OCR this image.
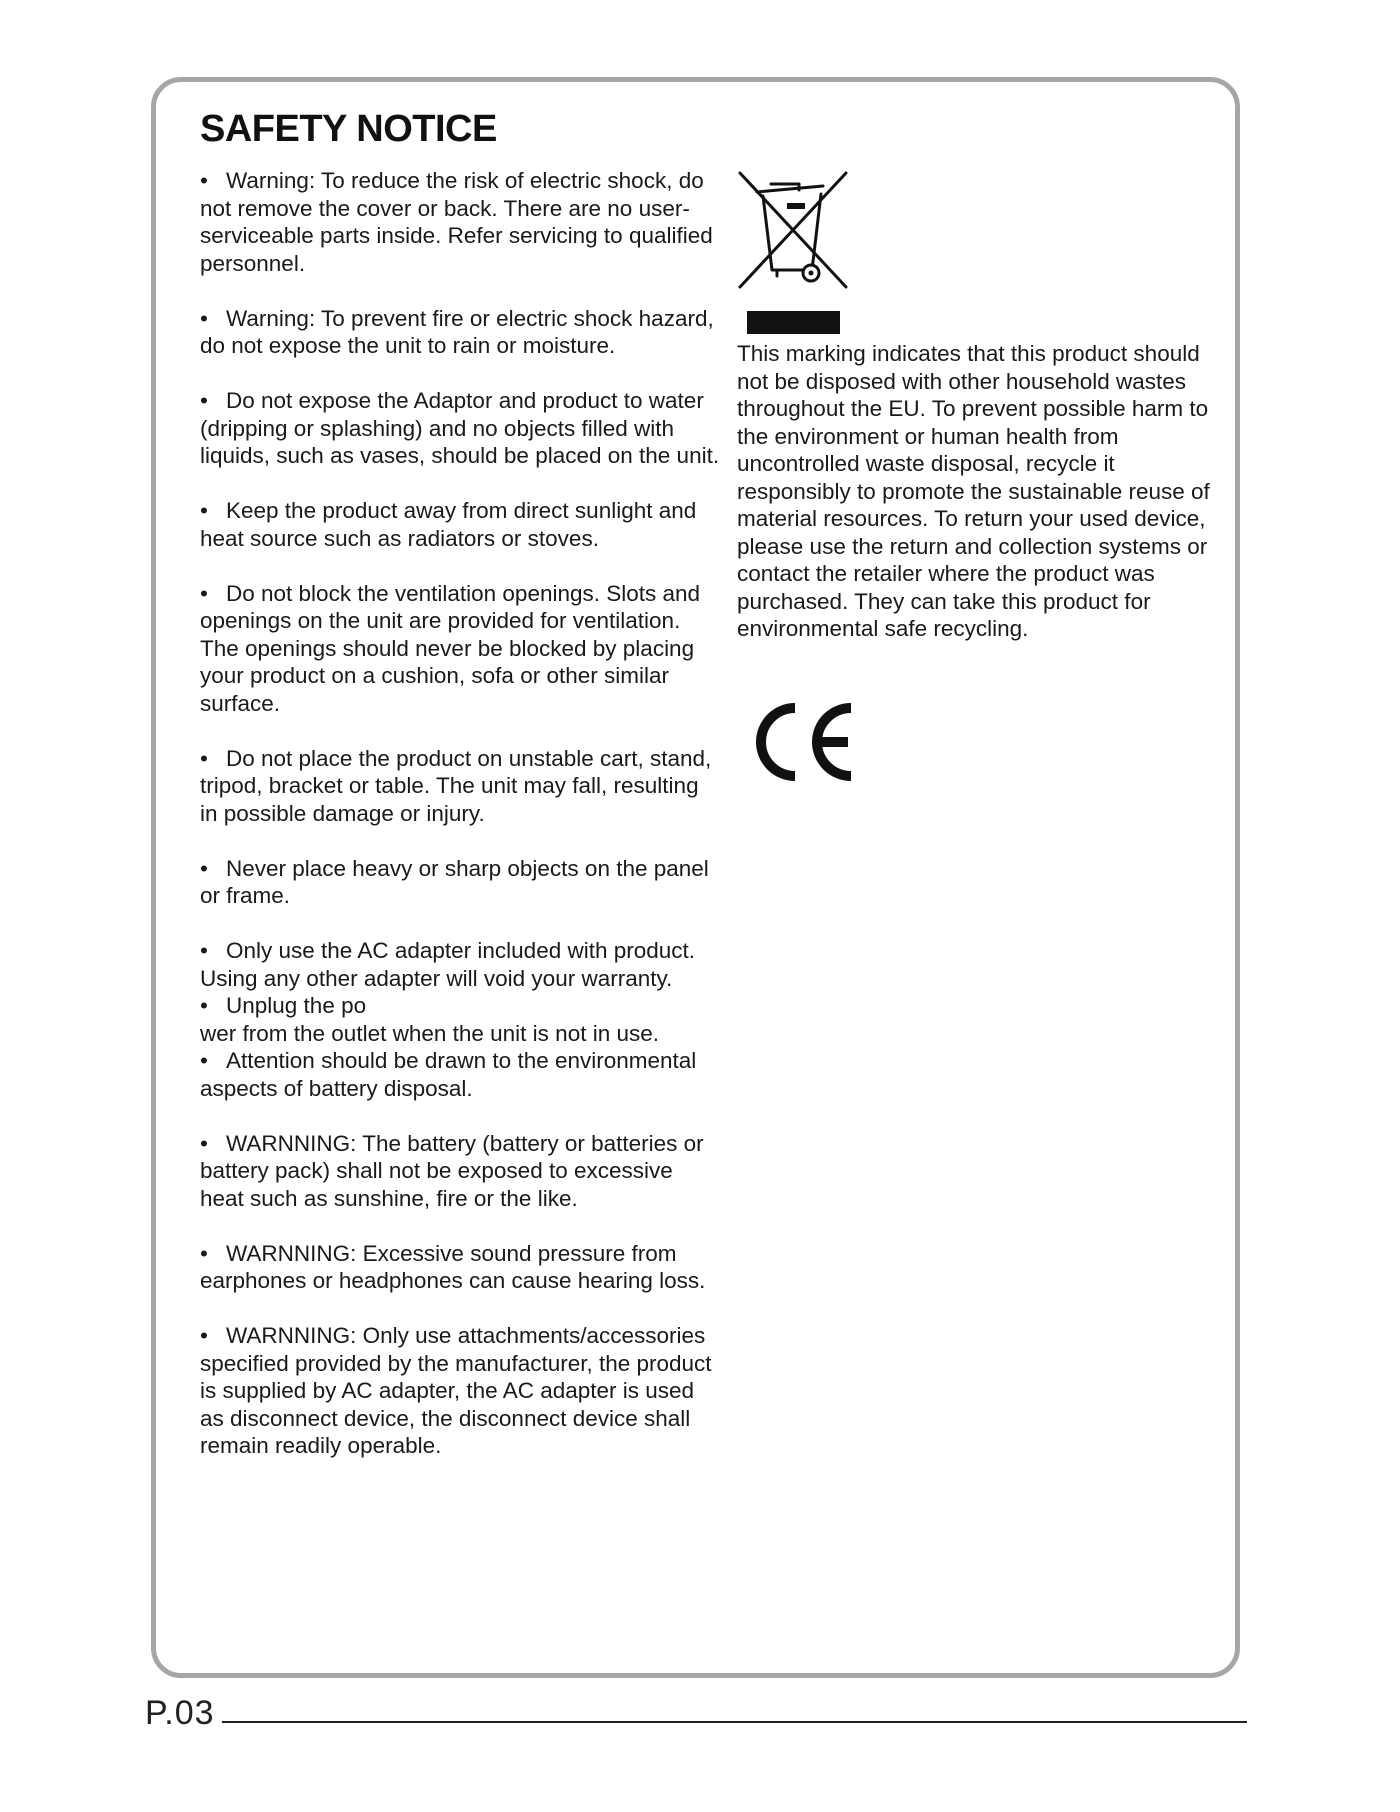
SAFETY NOTICE

• Warning: To reduce the risk of electric shock, do not remove the cover or back. There are no user-serviceable parts inside. Refer servicing to qualified personnel.

• Warning: To prevent fire or electric shock hazard, do not expose the unit to rain or moisture.

• Do not expose the Adaptor and product to water (dripping or splashing) and no objects filled with liquids, such as vases, should be placed on the unit.

• Keep the product away from direct sunlight and heat source such as radiators or stoves.

• Do not block the ventilation openings. Slots and openings on the unit are provided for ventilation. The openings should never be blocked by placing your product on a cushion, sofa or other similar surface.

• Do not place the product on unstable cart, stand, tripod, bracket or table. The unit may fall, resulting in possible damage or injury.

• Never place heavy or sharp objects on the panel or frame.

• Only use the AC adapter included with product. Using any other adapter will void your warranty.

• Unplug the po

wer from the outlet when the unit is not in use.

• Attention should be drawn to the environmental aspects of battery disposal.

• WARNNING: The battery (battery or batteries or battery pack) shall not be exposed to excessive heat such as sunshine, fire or the like.

• WARNNING: Excessive sound pressure from earphones or headphones can cause hearing loss.

• WARNNING: Only use attachments/accessories specified provided by the manufacturer, the product is supplied by AC adapter, the AC adapter is used as disconnect device, the disconnect device shall remain readily operable.

This marking indicates that this product should not be disposed with other household wastes throughout the EU. To prevent possible harm to the environment or human health from uncontrolled waste disposal, recycle it responsibly to promote the sustainable reuse of material resources. To return your used device, please use the return and collection systems or contact the retailer where the product was purchased. They can take this product for environmental safe recycling.

P.03
